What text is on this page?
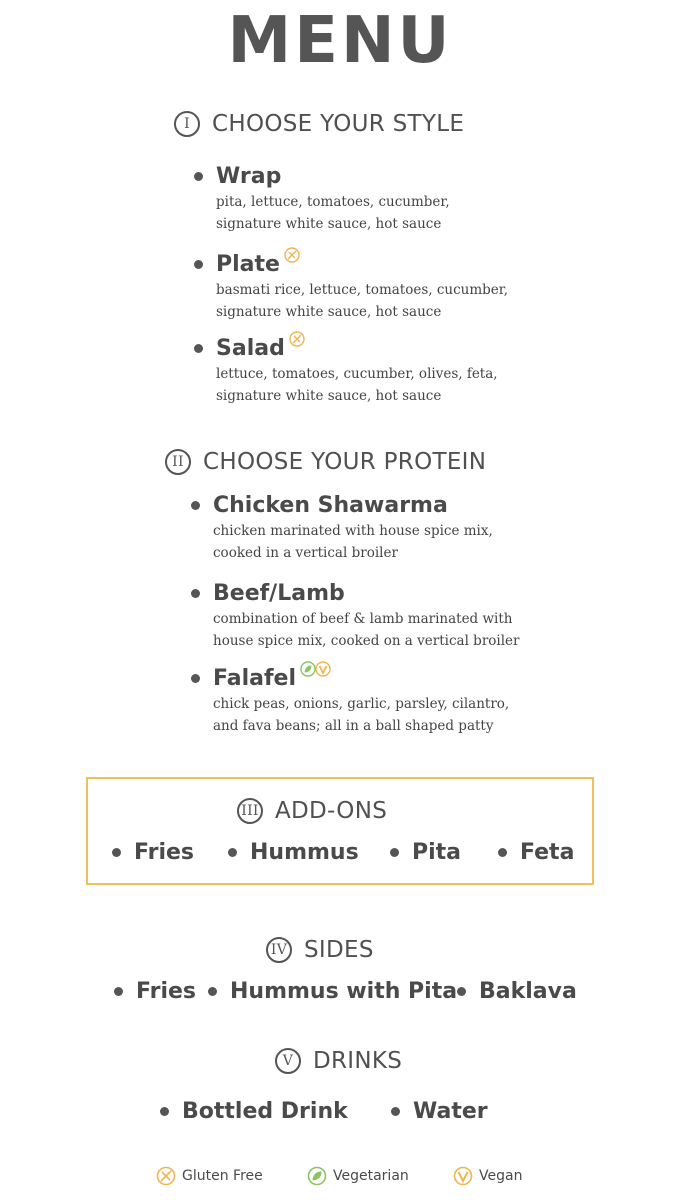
MENU
I CHOOSE YOUR STYLE
Wrap
pita, lettuce, tomatoes, cucumber,
signature white sauce, hot sauce
Plate
basmati rice, lettuce, tomatoes, cucumber,
signature white sauce, hot sauce
Salad
lettuce, tomatoes, cucumber, olives, feta,
signature white sauce, hot sauce
II CHOOSE YOUR PROTEIN
Chicken Shawarma
chicken marinated with house spice mix,
cooked in a vertical broiler
Beef/Lamb
combination of beef & lamb marinated with
house spice mix, cooked on a vertical broiler
Falafel
chick peas, onions, garlic, parsley, cilantro,
and fava beans; all in a ball shaped patty
III ADD-ONS
Fries	Hummus Pita	Feta
IV SIDES
Fries Hummus with Pita Baklava
V DRINKS
Bottled Drink	Water
Gluten Free	Vegetarian	Vegan
